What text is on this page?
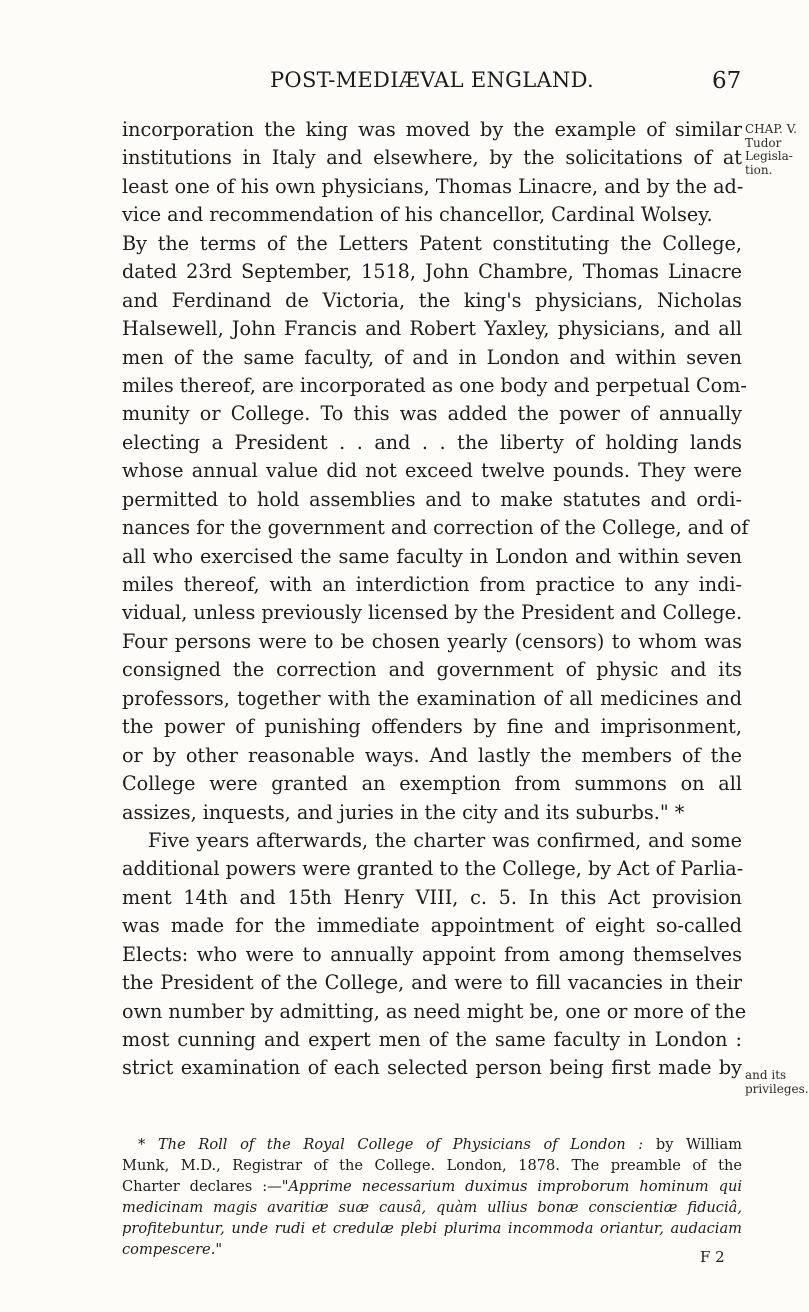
POST-MEDIÆVAL ENGLAND.	67
incorporation the king was moved by the example of similar
institutions in Italy and elsewhere, by the solicitations of at
least one of his own physicians, Thomas Linacre, and by the ad-
vice and recommendation of his chancellor, Cardinal Wolsey.
By the terms of the Letters Patent constituting the College,
dated 23rd September, 1518, John Chambre, Thomas Linacre
and Ferdinand de Victoria, the king's physicians, Nicholas
Halsewell, John Francis and Robert Yaxley, physicians, and all
men of the same faculty, of and in London and within seven
miles thereof, are incorporated as one body and perpetual Com-
munity or College. To this was added the power of annually
electing a President . . and . . the liberty of holding lands
whose annual value did not exceed twelve pounds. They were
permitted to hold assemblies and to make statutes and ordi-
nances for the government and correction of the College, and of
all who exercised the same faculty in London and within seven
miles thereof, with an interdiction from practice to any indi-
vidual, unless previously licensed by the President and College.
Four persons were to be chosen yearly (censors) to whom was
consigned the correction and government of physic and its
professors, together with the examination of all medicines and
the power of punishing offenders by fine and imprisonment,
or by other reasonable ways. And lastly the members of the
College were granted an exemption from summons on all
assizes, inquests, and juries in the city and its suburbs." *
Five years afterwards, the charter was confirmed, and some
additional powers were granted to the College, by Act of Parlia-
ment 14th and 15th Henry VIII, c. 5. In this Act provision
was made for the immediate appointment of eight so-called
Elects: who were to annually appoint from among themselves
the President of the College, and were to fill vacancies in their
own number by admitting, as need might be, one or more of the
most cunning and expert men of the same faculty in London :
strict examination of each selected person being first made by
CHAP. V.
Tudor
Legisla-
tion.
and its
privileges.
* The Roll of the Royal College of Physicians of London : by William
Munk, M.D., Registrar of the College. London, 1878. The preamble of the
Charter declares :—"Apprime necessarium duximus improborum hominum qui
medicinam magis avaritiæ suæ causâ, quàm ullius bonæ conscientiæ fiduciâ,
profitebuntur, unde rudi et credulæ plebi plurima incommoda oriantur, audaciam
compescere."	F 2
